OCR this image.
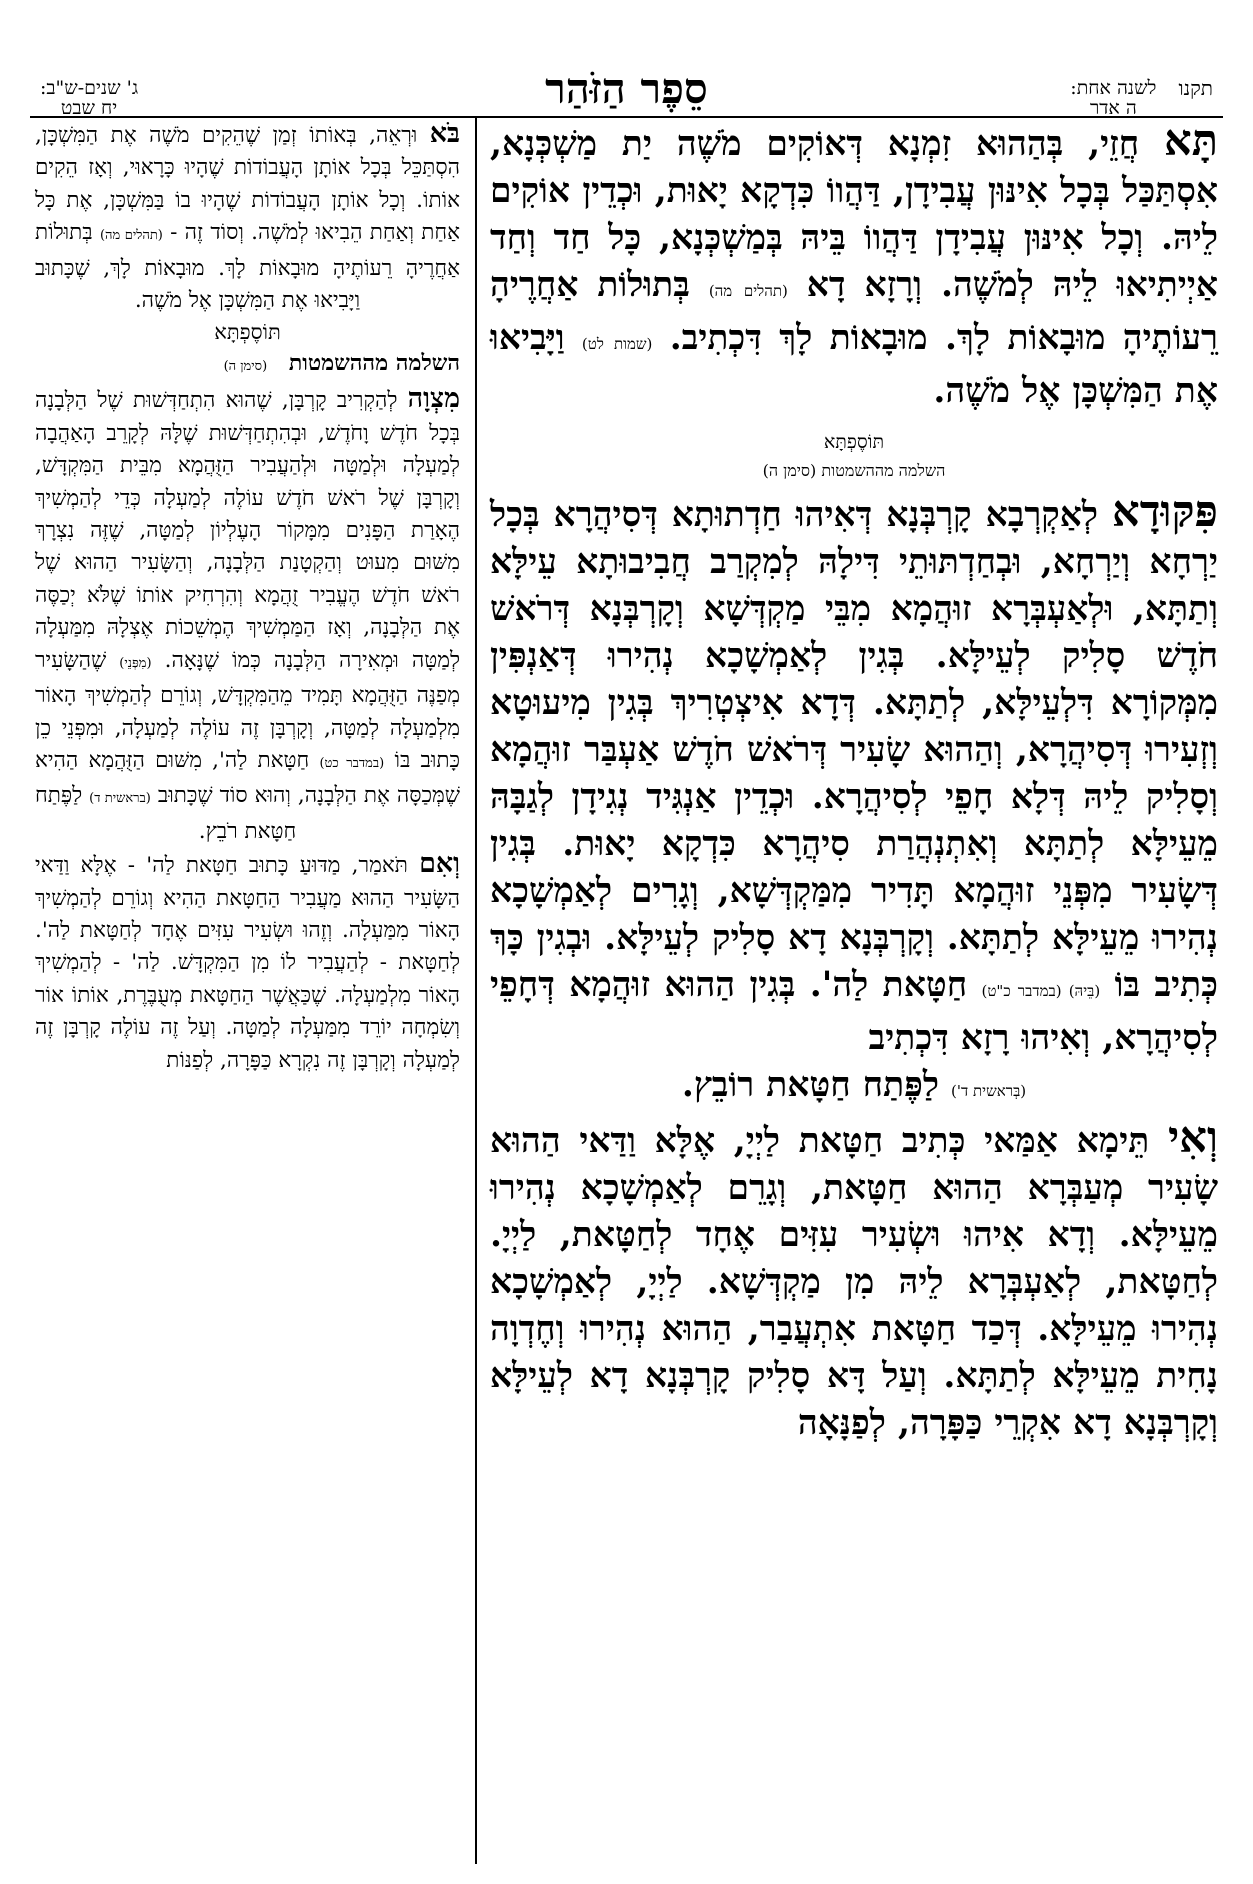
תקנו לשנה אחת:
ה אדר
סֵפֶר הַזֹּהַר
ג' שנים-ש"ב:
יח שבט

תָּא חֲזֵי, בְּהַהוּא זִמְנָא דְּאוֹקִים מֹשֶׁה יַת מַשְׁכְּנָא, אִסְתַּכַּל בְּכָל אִינּוּן עֲבִידָן, דַּהֲווֹ כִּדְקָא יָאוּת, וּכְדֵין אוֹקִים לֵיהּ. וְכָל אִינּוּן עֲבִידָן דַּהֲווֹ בֵּיהּ בְּמַשְׁכְּנָא, כָּל חַד וְחַד אַיְיתִיאוּ לֵיהּ לְמֹשֶׁה. וְרָזָא דָא (תהלים מה) בְּתוּלוֹת אַחֲרֶיהָ רֵעוֹתֶיהָ מוּבָאוֹת לָךְ. מוּבָאוֹת לָךְ דִּכְתִיב. (שמות לט) וַיָּבִיאוּ אֶת הַמִּשְׁכָּן אֶל מֹשֶׁה.

תּוֹסֶפְתָּא

השלמה מההשמטות (סימן ה)

פִּקּוּדָא לְאַקְרְבָא קָרְבְּנָא דְּאִיהוּ חַדְתוּתָא דְּסִיהֲרָא בְּכָל יַרְחָא וְיַרְחָא, וּבְחַדְתּוּתֵי דִּילָהּ לְמִקְרַב חֲבִיבוּתָא עֵילָּא וְתַתָּא, וּלְאַעְבְּרָא זוּהֲמָא מִבֵּי מַקְדְּשָׁא וְקָרְבְּנָא דְּרֹאשׁ חֹדֶשׁ סָלִיק לְעֵילָּא. בְּגִין לְאַמְשָׁכָא נְהִירוּ דְּאַנְפִּין מִמְּקוֹרָא דִּלְעֵילָּא, לְתַתָּא. דְּדָא אִיצְטְרִיךְ בְּגִין מִיעוּטָא וְזְעִירוּ דְּסִיהֲרָא, וְהַהוּא שָׂעִיר דְּרֹאשׁ חֹדֶשׁ אַעְבַּר זוּהֲמָא וְסָלִיק לֵיהּ דְּלָא חָפֵי לְסִיהֲרָא. וּכְדֵין אַנְגִּיד נְגִידָן לְגַבָּהּ מֵעֵילָּא לְתַתָּא וְאִתְנְהֲרַת סִיהֲרָא כִּדְקָא יָאוּת. בְּגִין דְּשָׂעִיר מִפְּנֵי זוּהֲמָא תָּדִיר מִמַּקְדְּשָׁא, וְגָרִים לְאַמְשָׁכָא נְהִירוּ מֵעֵילָּא לְתַתָּא. וְקָרְבְּנָא דָא סָלִיק לְעֵילָּא. וּבְגִין כָּךְ כְּתִיב בּוֹ (בֵּיהּ) (במדבר כ"ט) חַטָּאת לַה'. בְּגִין הַהוּא זוּהֲמָא דְּחָפֵי לְסִיהֲרָא, וְאִיהוּ רָזָא דִּכְתִיב

(בְּראשית ד') לַפֶּתַח חַטָּאת רוֹבֵץ.

וְאִי תֵּימָא אַמַּאי כְּתִיב חַטָּאת לַיְיָ, אֶלָּא וַדַּאי הַהוּא שָׂעִיר מְעַבְּרָא הַהוּא חַטָּאת, וְגָרֵם לְאַמְשָׁכָא נְהִירוּ מֵעֵילָּא. וְדָא אִיהוּ וּשְׂעִיר עִזִּים אֶחָד לְחַטָּאת, לַיְיָ. לְחַטָּאת, לְאַעְבְּרָא לֵיהּ מִן מַקְדְּשָׁא. לַיְיָ, לְאַמְשָׁכָא נְהִירוּ מֵעֵילָּא. דְּכַד חַטָּאת אִתְעֲבַר, הַהוּא נְהִירוּ וְחֶדְוָה נָחִית מֵעֵילָּא לְתַתָּא. וְעַל דָּא סָלִיק קָרְבְּנָא דָא לְעֵילָּא וְקָרְבְּנָא דָא אִקְרֵי כַּפָּרָה, לְפַנָּאָה

בֹּא וּרְאֵה, בְּאוֹתוֹ זְמַן שֶׁהֵקִים מֹשֶׁה אֶת הַמִּשְׁכָּן, הִסְתַּכֵּל בְּכָל אוֹתָן הָעֲבוֹדוֹת שֶׁהָיוּ כָּרָאוּי, וְאָז הֵקִים אוֹתוֹ. וְכָל אוֹתָן הָעֲבוֹדוֹת שֶׁהָיוּ בוֹ בַּמִּשְׁכָּן, אֶת כָּל אַחַת וְאַחַת הֵבִיאוּ לְמֹשֶׁה. וְסוֹד זֶה - (תהלים מה) בְּתוּלוֹת אַחֲרֶיהָ רֵעוֹתֶיהָ מוּבָאוֹת לָךְ. מוּבָאוֹת לָךְ, שֶׁכָּתוּב וַיָּבִיאוּ אֶת הַמִּשְׁכָּן אֶל מֹשֶׁה.

תּוֹסֶפְתָּא

השלמה מההשמטות (סימן ה)

מִצְוָה לְהַקְרִיב קָרְבָּן, שֶׁהוּא הִתְחַדְּשׁוּת שֶׁל הַלְּבָנָה בְּכָל חֹדֶשׁ וָחֹדֶשׁ, וּבְהִתְחַדְּשׁוּת שֶׁלָּהּ לְקָרֵב הָאַהֲבָה לְמַעְלָה וּלְמַטָּה וּלְהַעֲבִיר הַזֻּהֲמָא מִבֵּית הַמִּקְדָּשׁ, וְקָרְבָּן שֶׁל רֹאשׁ חֹדֶשׁ עוֹלֶה לְמַעְלָה כְּדֵי לְהַמְשִׁיךְ הֶאָרַת הַפָּנִים מִמָּקוֹר הָעֶלְיוֹן לְמַטָּה, שֶׁזֶּה נִצְרָךְ מִשּׁוּם מִעוּט וְהַקְטָנַת הַלְּבָנָה, וְהַשָּׂעִיר הַהוּא שֶׁל רֹאשׁ חֹדֶשׁ הֶעֱבִיר זֻהֲמָא וְהִרְחִיק אוֹתוֹ שֶׁלֹּא יְכַסֶּה אֶת הַלְּבָנָה, וְאָז הַמַּמְשִׁיךְ הֶמְשֵׁכוֹת אֶצְלָהּ מִמַּעְלָה לְמַטָּה וּמְאִירָה הַלְּבָנָה כְּמוֹ שֶׁנָּאָה. (מִפְּנֵי) שֶׁהַשָּׂעִיר מְפַנֶּה הַזֻּהֲמָא תָּמִיד מֵהַמִּקְדָּשׁ, וְגוֹרֵם לְהַמְשִׁיךְ הָאוֹר מִלְמַעְלָה לְמַטָּה, וְקָרְבָּן זֶה עוֹלֶה לְמַעְלָה, וּמִפְּנֵי כֵן כָּתוּב בּוֹ (במדבר כט) חַטָּאת לַה', מִשּׁוּם הַזֻּהֲמָא הַהִיא שֶׁמְּכַסָּה אֶת הַלְּבָנָה, וְהוּא סוֹד שֶׁכָּתוּב (בראשית ד) לַפֶּתַח חַטָּאת רֹבֵץ.

וְאִם תֹּאמַר, מַדּוּעַ כָּתוּב חַטָּאת לַה' - אֶלָּא וַדַּאי הַשָּׂעִיר הַהוּא מַעֲבִיר הַחַטָּאת הַהִיא וְגוֹרֵם לְהַמְשִׁיךְ הָאוֹר מִמַּעְלָה. וְזֶהוּ וּשְׂעִיר עִזִּים אֶחָד לְחַטָּאת לַה'. לְחַטָּאת - לְהַעֲבִיר לוֹ מִן הַמִּקְדָּשׁ. לַה' - לְהַמְשִׁיךְ הָאוֹר מִלְמַעְלָה. שֶׁכַּאֲשֶׁר הַחַטָּאת מְעֻבֶּרֶת, אוֹתוֹ אוֹר וְשִׂמְחָה יוֹרֵד מִמַּעְלָה לְמַטָּה. וְעַל זֶה עוֹלֶה קָרְבָּן זֶה לְמַעְלָה וְקָרְבָּן זֶה נִקְרָא כַּפָּרָה, לְפַנּוֹת
